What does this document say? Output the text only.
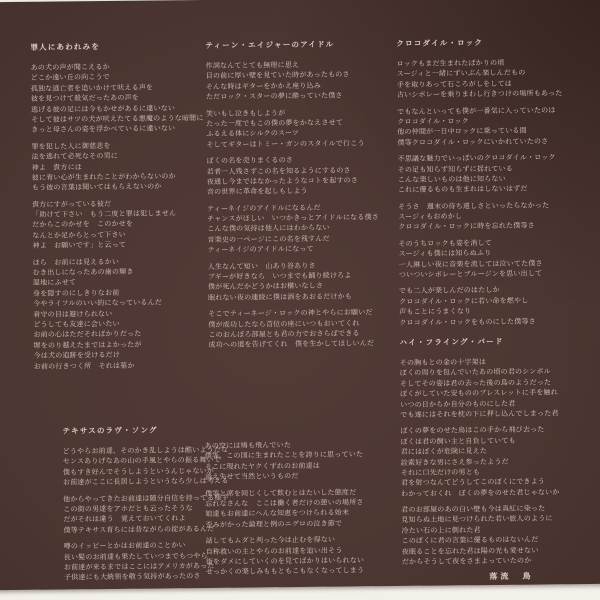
罪人にあわれみを
あの犬の声が聞こえるか
どこか遠い丘の向こうで
孤独な逃亡者を追いかけて吠える声を
彼を見つけて殺気だったあの声を
逃げる彼の足には今もかせがあるに違いない
そして彼はサツの犬が吠えたてる悪魔のような暗闇に
きっと母さんの姿を浮かべているに違いない
罪を犯した人に御慈悲を
法を逃れて必死なその男に
神よ　貴方には
彼に青い心が生まれたことがわからないのか
もう彼の言葉は聞いてはもらえないのか
貴方にすがっている彼だ
「助けて下さい　もう二度と罪は犯しません
だからこのかせを　このかせを
なんとか足からとって下さい
神よ　お願いです」と云って
ほら　お前には見えるかい
むき出しになったあの歯の輝き
湿地にふせて
身を隠すのにしきりなお前
今やライフルのいい的になっているんだ
看守の目は避けられない
どうしても友達に会いたい
お前の心はただそればかりだった
塀をのり越えたまではよかったが
今は犬の追跡を受けるだけ
お前の行きつく所　それは墓か
ティーン・エイジャーのアイドル
作詞なんてとても無理に思え
目の前に厚い壁を見ていた時があったものさ
そんな時はギターをかかえ座り込み
ただロック・スターの夢に酔っていた僕さ
笑いもし泣きもしようが
たった一度でもこの僕の夢をかなえさせて
ふるえる体にシルクのスーツ
そしてギターはトミー・ガンのスタイルで行こう
ぼくの名を売りまくるのさ
若者一人残さずこの名を知るようにするのさ
夜通し今まではなかったようなコトを起すのさ
音の世界に革命を起しもしよう
ティーネイジのアイドルになるんだ
チャンスがほしい　いつかきっとアイドルになる僕さ
こんな僕の気持は他人にはわからない
音楽史の一ページにこの名を残すんだ
ティーネイジのアイドルになって
人生なんて短い　山あり谷ありさ
ブギーが好きなら　いつまでも踊り続けろよ
僕が死んだかどうかはお構いなしさ
眠れない夜の連続に僕は酒をあおるだけかも
そこでティーネージ・ロックの神とやらにお願いだ
僕が成功したなら首位の座にいつもおいてくれ
このおんぼろ部屋とも君の力でおさらばできる
成功への道を告げてくれ　僕を生かしてほしいんだ
クロコダイル・ロック
ロックもまだ生まれたばかりの頃
スージィと一緒にずいぶん楽しんだもの
手を取りあって石ころがしをしては
古いシボレーを乗りまわし行きつけの場所もあった
でもなんといっても僕が一番気に入っていたのは
クロコダイル・ロック
他の仲間が一日中ロックに乗っている間
僕等クロコダイル・ロックにいかれていたのさ
不思議な魅力でいっぱいのクロコダイル・ロック
その足も知らず知らずに揺れている
こんな楽しいものは他に知らない
これに優るものも生まれはしないはずだ
そうさ　週末の待ち遠しさといったらなかった
スージィもおめかし
クロコダイル・ロックに時を忘れた僕等さ
そのうちロックも姿を消して
スージィも僕には知らぬふり
一人淋しい夜に音楽を流しては泣いてた僕さ
ついついシボレーとブルージンを思い出して
でも二人が楽しんだのはたしか
クロコダイル・ロックに若い命を燃やし
声もことにうまくなり
クロコダイル・ロックをものにした僕等さ
ハイ・フライング・バード
その胸もとの金の十字架は
ぼくの周りを包んでいたあの頃の君のシンボル
そしてその姿は君の去った後の鳥のようだった
ぼくがしていた安もののブレスレットに手を触れ
いつの日からか自分のものにした君
でも遂にはそれを枕の下に押し込んでしまった君
ぼくの夢をのせた鳥はこの手から飛び去った
ぼくは君の飼い主と自負していても
君にはぼくが危険に見えた
詮索好きな男にさえ参ったようだ
それに口先だけの男とも
君を射つなんてどうしてこのぼくにできよう
わかっておくれ　ぼくの夢をのせた君じゃないか
君のお部屋のあの白い壁も今は真紅に染った
見知らぬ土地に見つけられた若い旅人のように
冷たい石の上に倒れた君
このぼくに君の言葉に優るものはないんだ
夜眠ることを忘れた君は陽の光も愛せない
だからそうして夜をさまよっていたのか
落流　鳥
テキサスのラヴ・ソング
どうやらお前達、そのかき乱しようは酷いようだな
センスありげなあの山の手風とやらの振る舞いで
僕もすき好んでそうしようというんじゃないが
お前達がここに長居しようというなら少しは考える
他からやってきたお前達は随分自信を持ってる様子
この街の男達をアホだとも云ったそうな
だがそれは違う　覚えておいてくれよ
僕等テキサス育ちには昔ながらの掟があるんだ
噂のイッピーとかはお前達のことかい
長い髪のお前達も果たしていつまでもつやら
お前達が来るまではここにはアメリカがあった
子供達にも大統領を敬う気持があったのさ
あの空には鳩も飛んでいた
僕等、この国に生まれたことを誇りに思っていた
そこに現れたヤクくずれのお前達は
消え失せて当然というものだ
僕等と席を同じくして飲むとはたいした態度だ
忘れなさんな　ここは働く者だけの憩いの場所さ
娘達もお前達にへんな知恵をつけられる始末
歪みがかった論理と例のニグロの泣き節で
話してもムダと判った今は止むを得ない
自称救いの主とやらのお前達を追い出そう
街をダメにしていくのを見てばかりはいられない
せっかくの楽しみももともこもなくなってしまう
